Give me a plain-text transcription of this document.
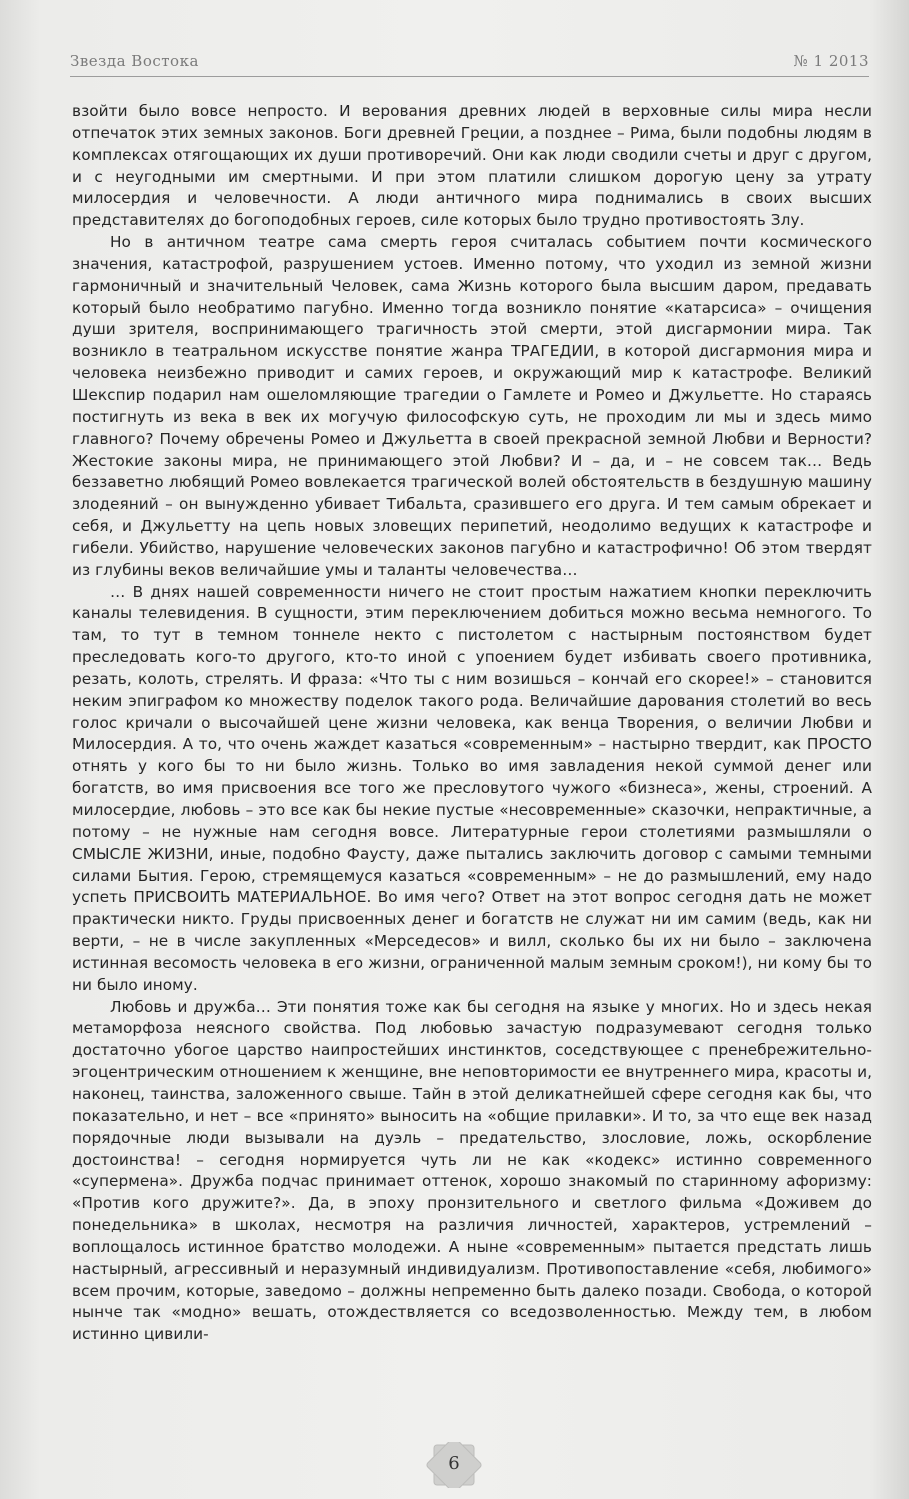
Звезда Востока	№ 1 2013

взойти было вовсе непросто. И верования древних людей в верховные силы мира несли отпечаток этих земных законов. Боги древней Греции, а позднее – Рима, были подобны людям в комплексах отягощающих их души противоречий. Они как люди сводили счеты и друг с другом, и с неугодными им смертными. И при этом платили слишком дорогую цену за утрату милосердия и человечности. А люди античного мира поднимались в своих высших представителях до богоподобных героев, силе которых было трудно противостоять Злу.

Но в античном театре сама смерть героя считалась событием почти космического значения, катастрофой, разрушением устоев. Именно потому, что уходил из земной жизни гармоничный и значительный Человек, сама Жизнь которого была высшим даром, предавать который было необратимо пагубно. Именно тогда возникло понятие «катарсиса» – очищения души зрителя, воспринимающего трагичность этой смерти, этой дисгармонии мира. Так возникло в театральном искусстве понятие жанра ТРАГЕДИИ, в которой дисгармония мира и человека неизбежно приводит и самих героев, и окружающий мир к катастрофе. Великий Шекспир подарил нам ошеломляющие трагедии о Гамлете и Ромео и Джульетте. Но стараясь постигнуть из века в век их могучую философскую суть, не проходим ли мы и здесь мимо главного? Почему обречены Ромео и Джульетта в своей прекрасной земной Любви и Верности? Жестокие законы мира, не принимающего этой Любви? И – да, и – не совсем так… Ведь беззаветно любящий Ромео вовлекается трагической волей обстоятельств в бездушную машину злодеяний – он вынужденно убивает Тибальта, сразившего его друга. И тем самым обрекает и себя, и Джульетту на цепь новых зловещих перипетий, неодолимо ведущих к катастрофе и гибели. Убийство, нарушение человеческих законов пагубно и катастрофично! Об этом твердят из глубины веков величайшие умы и таланты человечества…

… В днях нашей современности ничего не стоит простым нажатием кнопки переключить каналы телевидения. В сущности, этим переключением добиться можно весьма немногого. То там, то тут в темном тоннеле некто с пистолетом с настырным постоянством будет преследовать кого-то другого, кто-то иной с упоением будет избивать своего противника, резать, колоть, стрелять. И фраза: «Что ты с ним возишься – кончай его скорее!» – становится неким эпиграфом ко множеству поделок такого рода. Величайшие дарования столетий во весь голос кричали о высочайшей цене жизни человека, как венца Творения, о величии Любви и Милосердия. А то, что очень жаждет казаться «современным» – настырно твердит, как ПРОСТО отнять у кого бы то ни было жизнь. Только во имя завладения некой суммой денег или богатств, во имя присвоения все того же пресловутого чужого «бизнеса», жены, строений. А милосердие, любовь – это все как бы некие пустые «несовременные» сказочки, непрактичные, а потому – не нужные нам сегодня вовсе. Литературные герои столетиями размышляли о СМЫСЛЕ ЖИЗНИ, иные, подобно Фаусту, даже пытались заключить договор с самыми темными силами Бытия. Герою, стремящемуся казаться «современным» – не до размышлений, ему надо успеть ПРИСВОИТЬ МАТЕРИАЛЬНОЕ. Во имя чего? Ответ на этот вопрос сегодня дать не может практически никто. Груды присвоенных денег и богатств не служат ни им самим (ведь, как ни верти, – не в числе закупленных «Мерседесов» и вилл, сколько бы их ни было – заключена истинная весомость человека в его жизни, ограниченной малым земным сроком!), ни кому бы то ни было иному.

Любовь и дружба… Эти понятия тоже как бы сегодня на языке у многих. Но и здесь некая метаморфоза неясного свойства. Под любовью зачастую подразумевают сегодня только достаточно убогое царство наипростейших инстинктов, соседствующее с пренебрежительно-эгоцентрическим отношением к женщине, вне неповторимости ее внутреннего мира, красоты и, наконец, таинства, заложенного свыше. Тайн в этой деликатнейшей сфере сегодня как бы, что показательно, и нет – все «принято» выносить на «общие прилавки». И то, за что еще век назад порядочные люди вызывали на дуэль – предательство, злословие, ложь, оскорбление достоинства! – сегодня нормируется чуть ли не как «кодекс» истинно современного «супермена». Дружба подчас принимает оттенок, хорошо знакомый по старинному афоризму: «Против кого дружите?». Да, в эпоху пронзительного и светлого фильма «Доживем до понедельника» в школах, несмотря на различия личностей, характеров, устремлений – воплощалось истинное братство молодежи. А ныне «современным» пытается предстать лишь настырный, агрессивный и неразумный индивидуализм. Противопоставление «себя, любимого» всем прочим, которые, заведомо – должны непременно быть далеко позади. Свобода, о которой нынче так «модно» вешать, отождествляется со вседозволенностью. Между тем, в любом истинно цивили-

6
